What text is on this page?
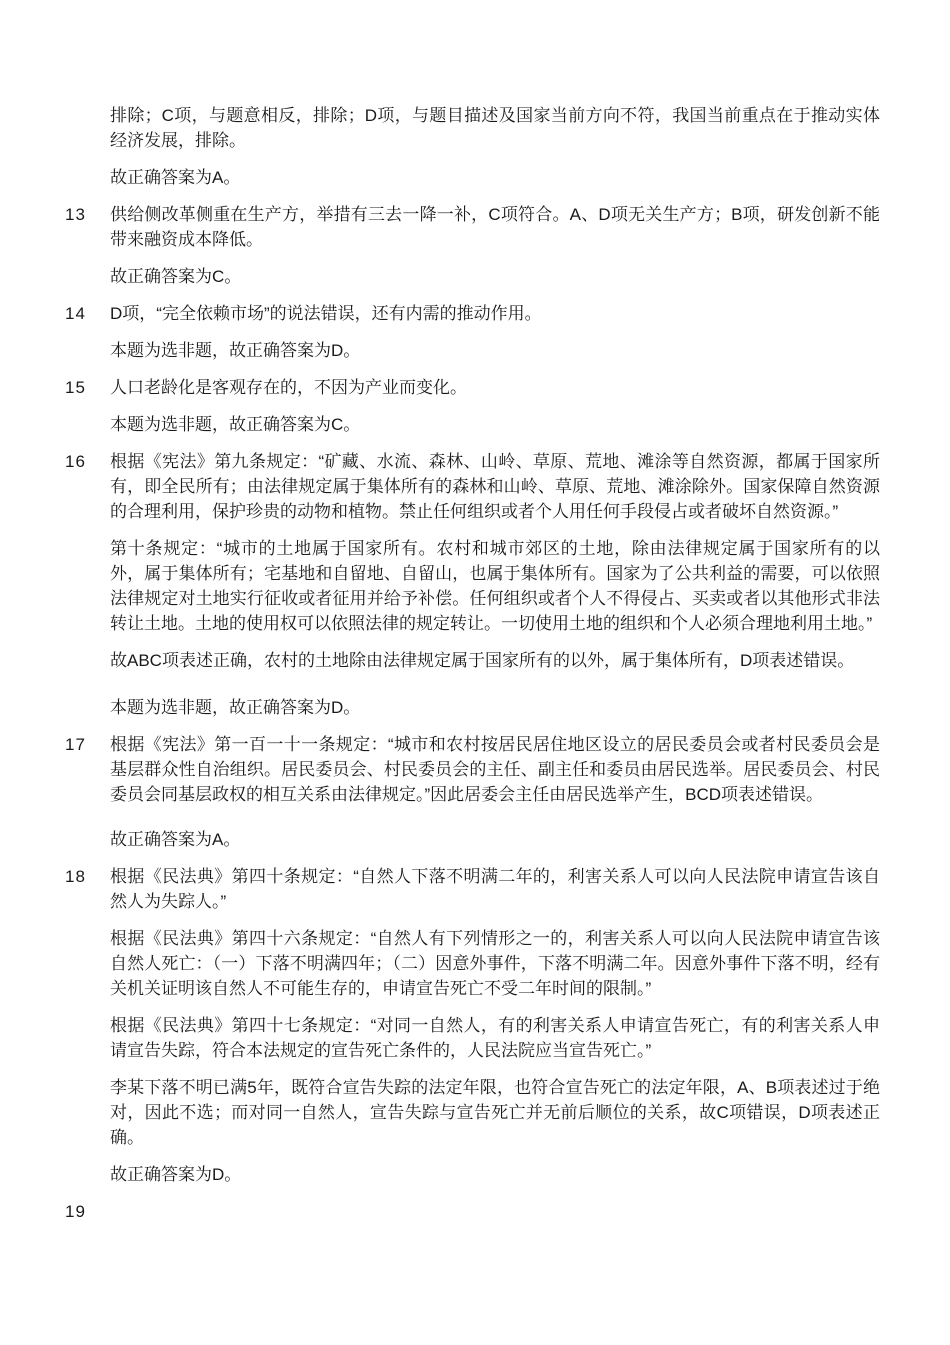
排除；C项，与题意相反，排除；D项，与题目描述及国家当前方向不符，我国当前重点在于推动实体经济发展，排除。

故正确答案为A。

13 供给侧改革侧重在生产方，举措有三去一降一补，C项符合。A、D项无关生产方；B项，研发创新不能带来融资成本降低。

故正确答案为C。

14 D项，“完全依赖市场”的说法错误，还有内需的推动作用。

本题为选非题，故正确答案为D。

15 人口老龄化是客观存在的，不因为产业而变化。

本题为选非题，故正确答案为C。

16 根据《宪法》第九条规定：“矿藏、水流、森林、山岭、草原、荒地、滩涂等自然资源，都属于国家所有，即全民所有；由法律规定属于集体所有的森林和山岭、草原、荒地、滩涂除外。国家保障自然资源的合理利用，保护珍贵的动物和植物。禁止任何组织或者个人用任何手段侵占或者破坏自然资源。”

第十条规定：“城市的土地属于国家所有。农村和城市郊区的土地，除由法律规定属于国家所有的以外，属于集体所有；宅基地和自留地、自留山，也属于集体所有。国家为了公共利益的需要，可以依照法律规定对土地实行征收或者征用并给予补偿。任何组织或者个人不得侵占、买卖或者以其他形式非法转让土地。土地的使用权可以依照法律的规定转让。一切使用土地的组织和个人必须合理地利用土地。”

故ABC项表述正确，农村的土地除由法律规定属于国家所有的以外，属于集体所有，D项表述错误。

本题为选非题，故正确答案为D。

17 根据《宪法》第一百一十一条规定：“城市和农村按居民居住地区设立的居民委员会或者村民委员会是基层群众性自治组织。居民委员会、村民委员会的主任、副主任和委员由居民选举。居民委员会、村民委员会同基层政权的相互关系由法律规定。”因此居委会主任由居民选举产生，BCD项表述错误。

故正确答案为A。

18 根据《民法典》第四十条规定：“自然人下落不明满二年的，利害关系人可以向人民法院申请宣告该自然人为失踪人。”

根据《民法典》第四十六条规定：“自然人有下列情形之一的，利害关系人可以向人民法院申请宣告该自然人死亡：（一）下落不明满四年；（二）因意外事件，下落不明满二年。因意外事件下落不明，经有关机关证明该自然人不可能生存的，申请宣告死亡不受二年时间的限制。”

根据《民法典》第四十七条规定：“对同一自然人，有的利害关系人申请宣告死亡，有的利害关系人申请宣告失踪，符合本法规定的宣告死亡条件的，人民法院应当宣告死亡。”

李某下落不明已满5年，既符合宣告失踪的法定年限，也符合宣告死亡的法定年限，A、B项表述过于绝对，因此不选；而对同一自然人，宣告失踪与宣告死亡并无前后顺位的关系，故C项错误，D项表述正确。

故正确答案为D。

19
